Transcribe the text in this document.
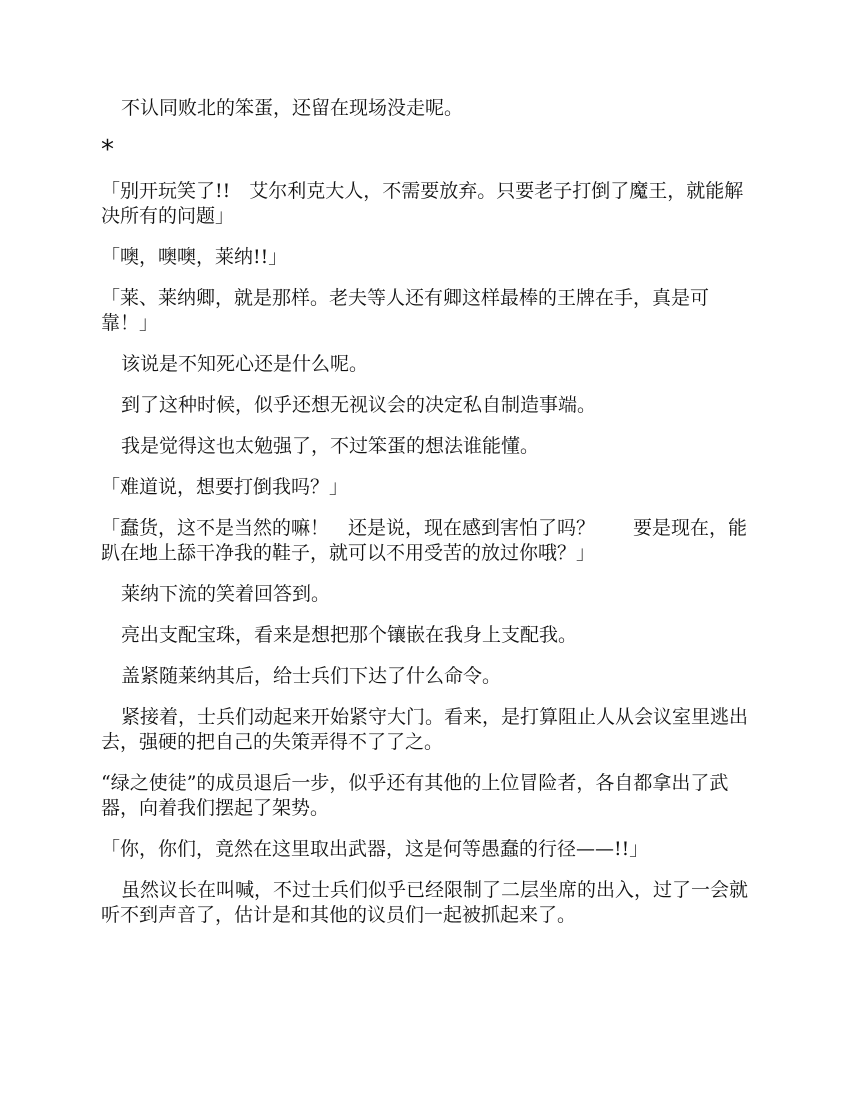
不认同败北的笨蛋，还留在现场没走呢。

*

「别开玩笑了!!　艾尔利克大人，不需要放弃。只要老子打倒了魔王，就能解决所有的问题」

「噢，噢噢，莱纳!!」

「莱、莱纳卿，就是那样。老夫等人还有卿这样最棒的王牌在手，真是可靠！」

该说是不知死心还是什么呢。

到了这种时候，似乎还想无视议会的决定私自制造事端。

我是觉得这也太勉强了，不过笨蛋的想法谁能懂。

「难道说，想要打倒我吗？」

「蠢货，这不是当然的嘛！　还是说，现在感到害怕了吗？　　要是现在，能趴在地上舔干净我的鞋子，就可以不用受苦的放过你哦？」

莱纳下流的笑着回答到。

亮出支配宝珠，看来是想把那个镶嵌在我身上支配我。

盖紧随莱纳其后，给士兵们下达了什么命令。

紧接着，士兵们动起来开始紧守大门。看来，是打算阻止人从会议室里逃出去，强硬的把自己的失策弄得不了了之。

“绿之使徒”的成员退后一步，似乎还有其他的上位冒险者，各自都拿出了武器，向着我们摆起了架势。

「你，你们，竟然在这里取出武器，这是何等愚蠢的行径——!!」

虽然议长在叫喊，不过士兵们似乎已经限制了二层坐席的出入，过了一会就听不到声音了，估计是和其他的议员们一起被抓起来了。
